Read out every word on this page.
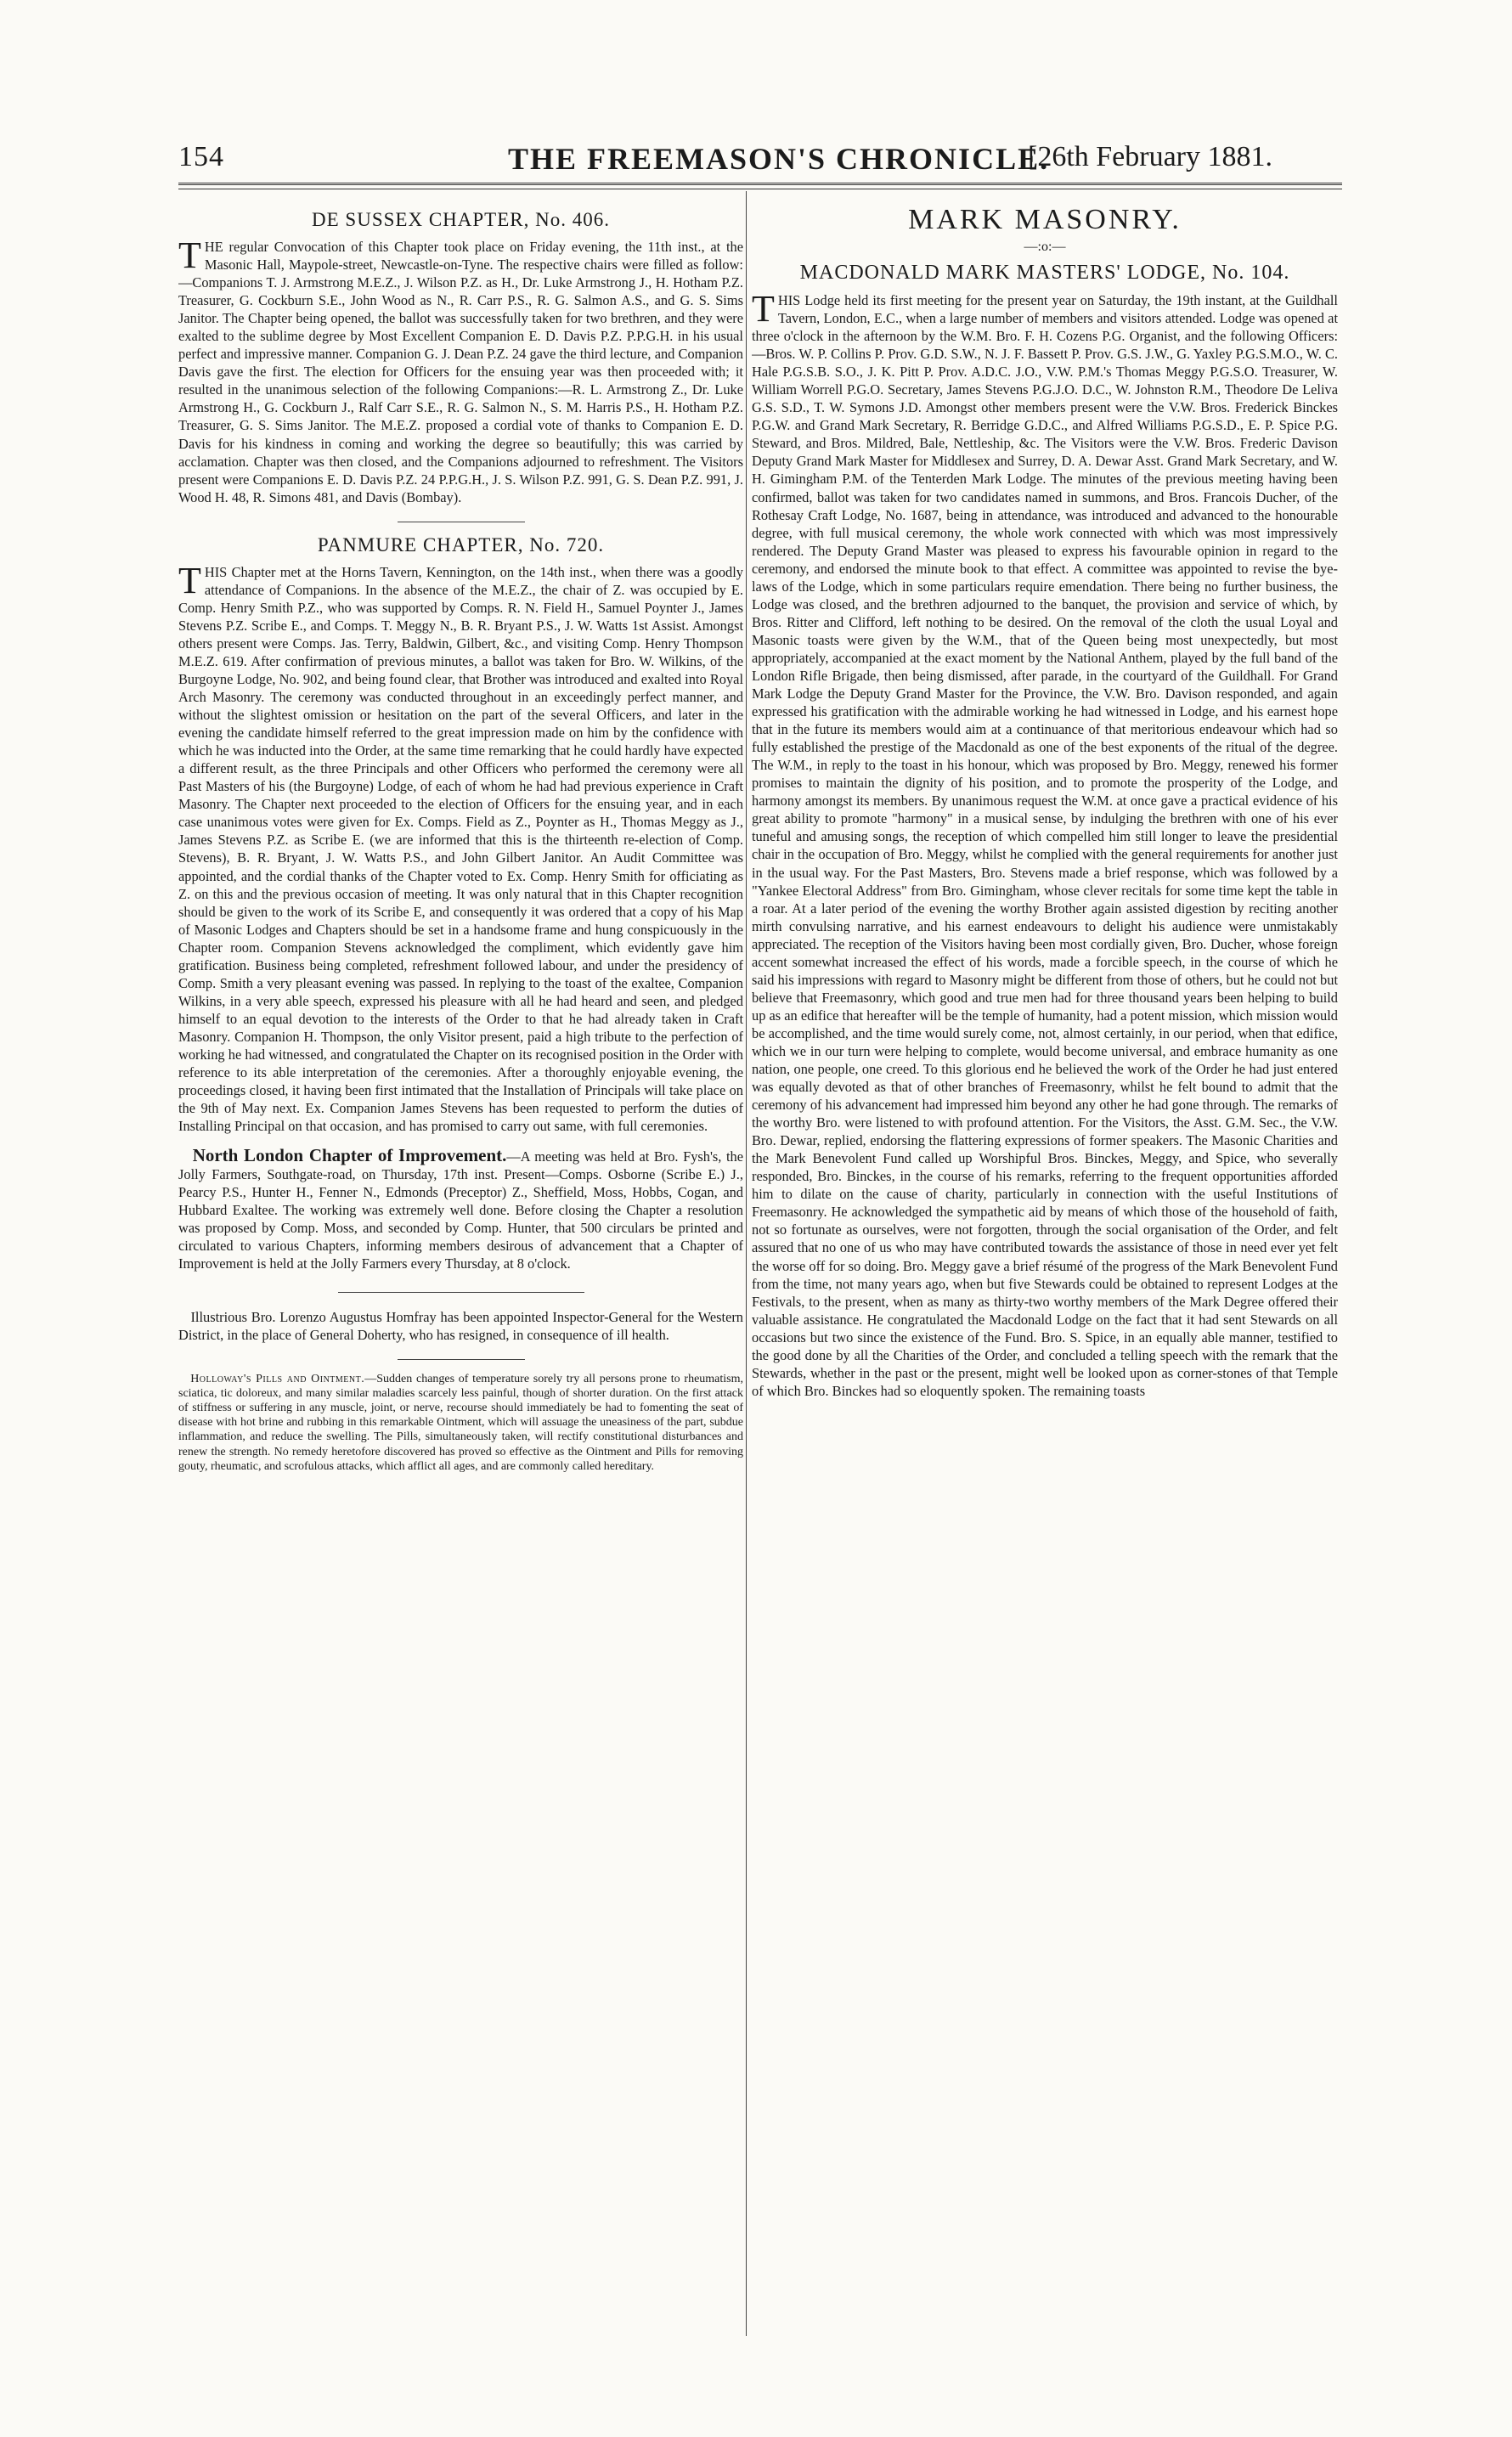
154	THE FREEMASON'S CHRONICLE.
[26th February 1881.
DE SUSSEX CHAPTER, No. 406.

THE regular Convocation of this Chapter took place on Friday evening, the 11th inst., at the Masonic Hall, Maypole-street, Newcastle-on-Tyne. The respective chairs were filled as follow:—Companions T. J. Armstrong M.E.Z., J. Wilson P.Z. as H., Dr. Luke Armstrong J., H. Hotham P.Z. Treasurer, G. Cockburn S.E., John Wood as N., R. Carr P.S., R. G. Salmon A.S., and G. S. Sims Janitor. The Chapter being opened, the ballot was successfully taken for two brethren, and they were exalted to the sublime degree by Most Excellent Companion E. D. Davis P.Z. P.P.G.H. in his usual perfect and impressive manner. Companion G. J. Dean P.Z. 24 gave the third lecture, and Companion Davis gave the first. The election for Officers for the ensuing year was then proceeded with; it resulted in the unanimous selection of the following Companions:—R. L. Armstrong Z., Dr. Luke Armstrong H., G. Cockburn J., Ralf Carr S.E., R. G. Salmon N., S. M. Harris P.S., H. Hotham P.Z. Treasurer, G. S. Sims Janitor. The M.E.Z. proposed a cordial vote of thanks to Companion E. D. Davis for his kindness in coming and working the degree so beautifully; this was carried by acclamation. Chapter was then closed, and the Companions adjourned to refreshment. The Visitors present were Companions E. D. Davis P.Z. 24 P.P.G.H., J. S. Wilson P.Z. 991, G. S. Dean P.Z. 991, J. Wood H. 48, R. Simons 481, and Davis (Bombay).

PANMURE CHAPTER, No. 720.

THIS Chapter met at the Horns Tavern, Kennington, on the 14th inst., when there was a goodly attendance of Companions. In the absence of the M.E.Z., the chair of Z. was occupied by E. Comp. Henry Smith P.Z., who was supported by Comps. R. N. Field H., Samuel Poynter J., James Stevens P.Z. Scribe E., and Comps. T. Meggy N., B. R. Bryant P.S., J. W. Watts 1st Assist. Amongst others present were Comps. Jas. Terry, Baldwin, Gilbert, &c., and visiting Comp. Henry Thompson M.E.Z. 619. After confirmation of previous minutes, a ballot was taken for Bro. W. Wilkins, of the Burgoyne Lodge, No. 902, and being found clear, that Brother was introduced and exalted into Royal Arch Masonry. The ceremony was conducted throughout in an exceedingly perfect manner, and without the slightest omission or hesitation on the part of the several Officers, and later in the evening the candidate himself referred to the great impression made on him by the confidence with which he was inducted into the Order, at the same time remarking that he could hardly have expected a different result, as the three Principals and other Officers who performed the ceremony were all Past Masters of his (the Burgoyne) Lodge, of each of whom he had had previous experience in Craft Masonry. The Chapter next proceeded to the election of Officers for the ensuing year, and in each case unanimous votes were given for Ex. Comps. Field as Z., Poynter as H., Thomas Meggy as J., James Stevens P.Z. as Scribe E. (we are informed that this is the thirteenth re-election of Comp. Stevens), B. R. Bryant, J. W. Watts P.S., and John Gilbert Janitor. An Audit Committee was appointed, and the cordial thanks of the Chapter voted to Ex. Comp. Henry Smith for officiating as Z. on this and the previous occasion of meeting. It was only natural that in this Chapter recognition should be given to the work of its Scribe E, and consequently it was ordered that a copy of his Map of Masonic Lodges and Chapters should be set in a handsome frame and hung conspicuously in the Chapter room. Companion Stevens acknowledged the compliment, which evidently gave him gratification. Business being completed, refreshment followed labour, and under the presidency of Comp. Smith a very pleasant evening was passed. In replying to the toast of the exaltee, Companion Wilkins, in a very able speech, expressed his pleasure with all he had heard and seen, and pledged himself to an equal devotion to the interests of the Order to that he had already taken in Craft Masonry. Companion H. Thompson, the only Visitor present, paid a high tribute to the perfection of working he had witnessed, and congratulated the Chapter on its recognised position in the Order with reference to its able interpretation of the ceremonies. After a thoroughly enjoyable evening, the proceedings closed, it having been first intimated that the Installation of Principals will take place on the 9th of May next. Ex. Companion James Stevens has been requested to perform the duties of Installing Principal on that occasion, and has promised to carry out same, with full ceremonies.

North London Chapter of Improvement.—A meeting was held at Bro. Fysh's, the Jolly Farmers, Southgate-road, on Thursday, 17th inst. Present—Comps. Osborne (Scribe E.) J., Pearcy P.S., Hunter H., Fenner N., Edmonds (Preceptor) Z., Sheffield, Moss, Hobbs, Cogan, and Hubbard Exaltee. The working was extremely well done. Before closing the Chapter a resolution was proposed by Comp. Moss, and seconded by Comp. Hunter, that 500 circulars be printed and circulated to various Chapters, informing members desirous of advancement that a Chapter of Improvement is held at the Jolly Farmers every Thursday, at 8 o'clock.

Illustrious Bro. Lorenzo Augustus Homfray has been appointed Inspector-General for the Western District, in the place of General Doherty, who has resigned, in consequence of ill health.

Holloway's Pills and Ointment.—Sudden changes of temperature sorely try all persons prone to rheumatism, sciatica, tic doloreux, and many similar maladies scarcely less painful, though of shorter duration. On the first attack of stiffness or suffering in any muscle, joint, or nerve, recourse should immediately be had to fomenting the seat of disease with hot brine and rubbing in this remarkable Ointment, which will assuage the uneasiness of the part, subdue inflammation, and reduce the swelling. The Pills, simultaneously taken, will rectify constitutional disturbances and renew the strength. No remedy heretofore discovered has proved so effective as the Ointment and Pills for removing gouty, rheumatic, and scrofulous attacks, which afflict all ages, and are commonly called hereditary.

MARK MASONRY.
—:o:—
MACDONALD MARK MASTERS' LODGE, No. 104.

THIS Lodge held its first meeting for the present year on Saturday, the 19th instant, at the Guildhall Tavern, London, E.C., when a large number of members and visitors attended. Lodge was opened at three o'clock in the afternoon by the W.M. Bro. F. H. Cozens P.G. Organist, and the following Officers:—Bros. W. P. Collins P. Prov. G.D. S.W., N. J. F. Bassett P. Prov. G.S. J.W., G. Yaxley P.G.S.M.O., W. C. Hale P.G.S.B. S.O., J. K. Pitt P. Prov. A.D.C. J.O., V.W. P.M.'s Thomas Meggy P.G.S.O. Treasurer, W. William Worrell P.G.O. Secretary, James Stevens P.G.J.O. D.C., W. Johnston R.M., Theodore De Leliva G.S. S.D., T. W. Symons J.D. Amongst other members present were the V.W. Bros. Frederick Binckes P.G.W. and Grand Mark Secretary, R. Berridge G.D.C., and Alfred Williams P.G.S.D., E. P. Spice P.G. Steward, and Bros. Mildred, Bale, Nettleship, &c. The Visitors were the V.W. Bros. Frederic Davison Deputy Grand Mark Master for Middlesex and Surrey, D. A. Dewar Asst. Grand Mark Secretary, and W. H. Gimingham P.M. of the Tenterden Mark Lodge. The minutes of the previous meeting having been confirmed, ballot was taken for two candidates named in summons, and Bros. Francois Ducher, of the Rothesay Craft Lodge, No. 1687, being in attendance, was introduced and advanced to the honourable degree, with full musical ceremony, the whole work connected with which was most impressively rendered. The Deputy Grand Master was pleased to express his favourable opinion in regard to the ceremony, and endorsed the minute book to that effect. A committee was appointed to revise the bye-laws of the Lodge, which in some particulars require emendation. There being no further business, the Lodge was closed, and the brethren adjourned to the banquet, the provision and service of which, by Bros. Ritter and Clifford, left nothing to be desired. On the removal of the cloth the usual Loyal and Masonic toasts were given by the W.M., that of the Queen being most unexpectedly, but most appropriately, accompanied at the exact moment by the National Anthem, played by the full band of the London Rifle Brigade, then being dismissed, after parade, in the courtyard of the Guildhall. For Grand Mark Lodge the Deputy Grand Master for the Province, the V.W. Bro. Davison responded, and again expressed his gratification with the admirable working he had witnessed in Lodge, and his earnest hope that in the future its members would aim at a continuance of that meritorious endeavour which had so fully established the prestige of the Macdonald as one of the best exponents of the ritual of the degree. The W.M., in reply to the toast in his honour, which was proposed by Bro. Meggy, renewed his former promises to maintain the dignity of his position, and to promote the prosperity of the Lodge, and harmony amongst its members. By unanimous request the W.M. at once gave a practical evidence of his great ability to promote "harmony" in a musical sense, by indulging the brethren with one of his ever tuneful and amusing songs, the reception of which compelled him still longer to leave the presidential chair in the occupation of Bro. Meggy, whilst he complied with the general requirements for another just in the usual way. For the Past Masters, Bro. Stevens made a brief response, which was followed by a "Yankee Electoral Address" from Bro. Gimingham, whose clever recitals for some time kept the table in a roar. At a later period of the evening the worthy Brother again assisted digestion by reciting another mirth convulsing narrative, and his earnest endeavours to delight his audience were unmistakably appreciated. The reception of the Visitors having been most cordially given, Bro. Ducher, whose foreign accent somewhat increased the effect of his words, made a forcible speech, in the course of which he said his impressions with regard to Masonry might be different from those of others, but he could not but believe that Freemasonry, which good and true men had for three thousand years been helping to build up as an edifice that hereafter will be the temple of humanity, had a potent mission, which mission would be accomplished, and the time would surely come, not, almost certainly, in our period, when that edifice, which we in our turn were helping to complete, would become universal, and embrace humanity as one nation, one people, one creed. To this glorious end he believed the work of the Order he had just entered was equally devoted as that of other branches of Freemasonry, whilst he felt bound to admit that the ceremony of his advancement had impressed him beyond any other he had gone through. The remarks of the worthy Bro. were listened to with profound attention. For the Visitors, the Asst. G.M. Sec., the V.W. Bro. Dewar, replied, endorsing the flattering expressions of former speakers. The Masonic Charities and the Mark Benevolent Fund called up Worshipful Bros. Binckes, Meggy, and Spice, who severally responded, Bro. Binckes, in the course of his remarks, referring to the frequent opportunities afforded him to dilate on the cause of charity, particularly in connection with the useful Institutions of Freemasonry. He acknowledged the sympathetic aid by means of which those of the household of faith, not so fortunate as ourselves, were not forgotten, through the social organisation of the Order, and felt assured that no one of us who may have contributed towards the assistance of those in need ever yet felt the worse off for so doing. Bro. Meggy gave a brief résumé of the progress of the Mark Benevolent Fund from the time, not many years ago, when but five Stewards could be obtained to represent Lodges at the Festivals, to the present, when as many as thirty-two worthy members of the Mark Degree offered their valuable assistance. He congratulated the Macdonald Lodge on the fact that it had sent Stewards on all occasions but two since the existence of the Fund. Bro. S. Spice, in an equally able manner, testified to the good done by all the Charities of the Order, and concluded a telling speech with the remark that the Stewards, whether in the past or the present, might well be looked upon as corner-stones of that Temple of which Bro. Binckes had so eloquently spoken. The remaining toasts
